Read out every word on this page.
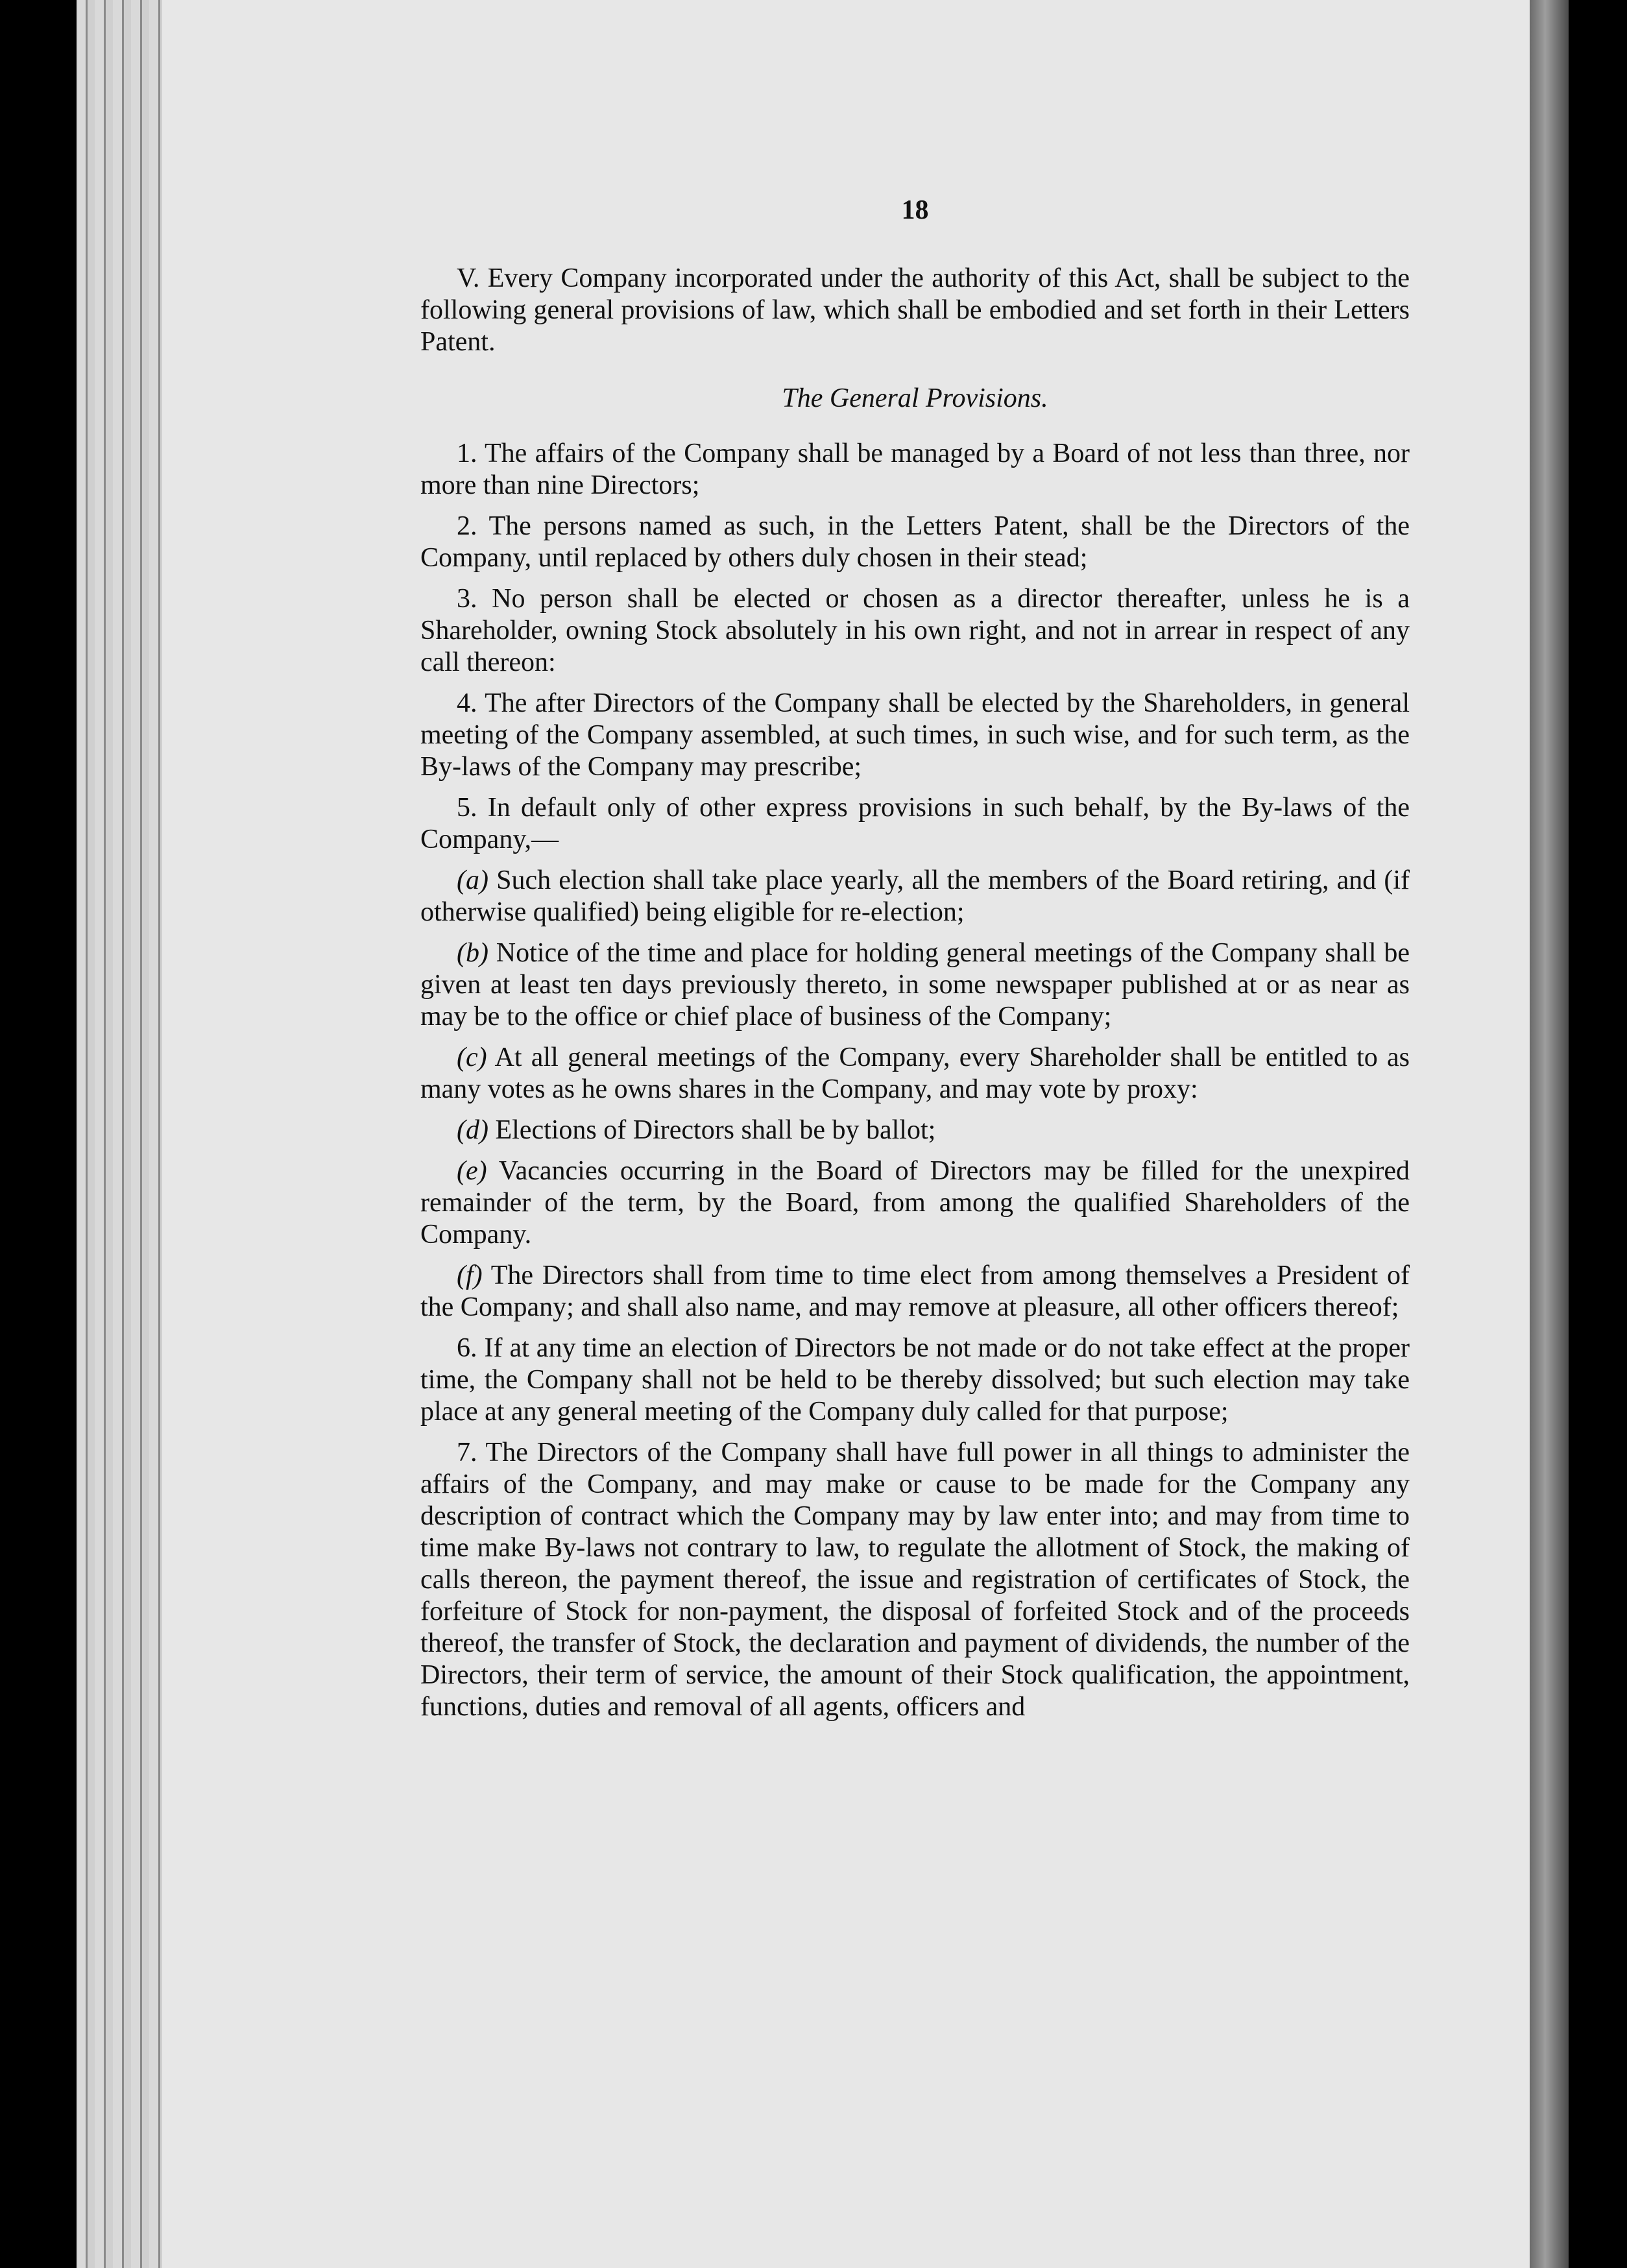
18

V. Every Company incorporated under the authority of this Act, shall be subject to the following general provisions of law, which shall be embodied and set forth in their Letters Patent.

The General Provisions.

1. The affairs of the Company shall be managed by a Board of not less than three, nor more than nine Directors;

2. The persons named as such, in the Letters Patent, shall be the Directors of the Company, until replaced by others duly chosen in their stead;

3. No person shall be elected or chosen as a director thereafter, unless he is a Shareholder, owning Stock absolutely in his own right, and not in arrear in respect of any call thereon:

4. The after Directors of the Company shall be elected by the Shareholders, in general meeting of the Company assembled, at such times, in such wise, and for such term, as the By-laws of the Company may prescribe;

5. In default only of other express provisions in such behalf, by the By-laws of the Company,—

(a) Such election shall take place yearly, all the members of the Board retiring, and (if otherwise qualified) being eligible for re-election;

(b) Notice of the time and place for holding general meetings of the Company shall be given at least ten days previously thereto, in some newspaper published at or as near as may be to the office or chief place of business of the Company;

(c) At all general meetings of the Company, every Shareholder shall be entitled to as many votes as he owns shares in the Company, and may vote by proxy:

(d) Elections of Directors shall be by ballot;

(e) Vacancies occurring in the Board of Directors may be filled for the unexpired remainder of the term, by the Board, from among the qualified Shareholders of the Company.

(f) The Directors shall from time to time elect from among themselves a President of the Company; and shall also name, and may remove at pleasure, all other officers thereof;

6. If at any time an election of Directors be not made or do not take effect at the proper time, the Company shall not be held to be thereby dissolved; but such election may take place at any general meeting of the Company duly called for that purpose;

7. The Directors of the Company shall have full power in all things to administer the affairs of the Company, and may make or cause to be made for the Company any description of contract which the Company may by law enter into; and may from time to time make By-laws not contrary to law, to regulate the allotment of Stock, the making of calls thereon, the payment thereof, the issue and registration of certificates of Stock, the forfeiture of Stock for non-payment, the disposal of forfeited Stock and of the proceeds thereof, the transfer of Stock, the declaration and payment of dividends, the number of the Directors, their term of service, the amount of their Stock qualification, the appointment, functions, duties and removal of all agents, officers and
